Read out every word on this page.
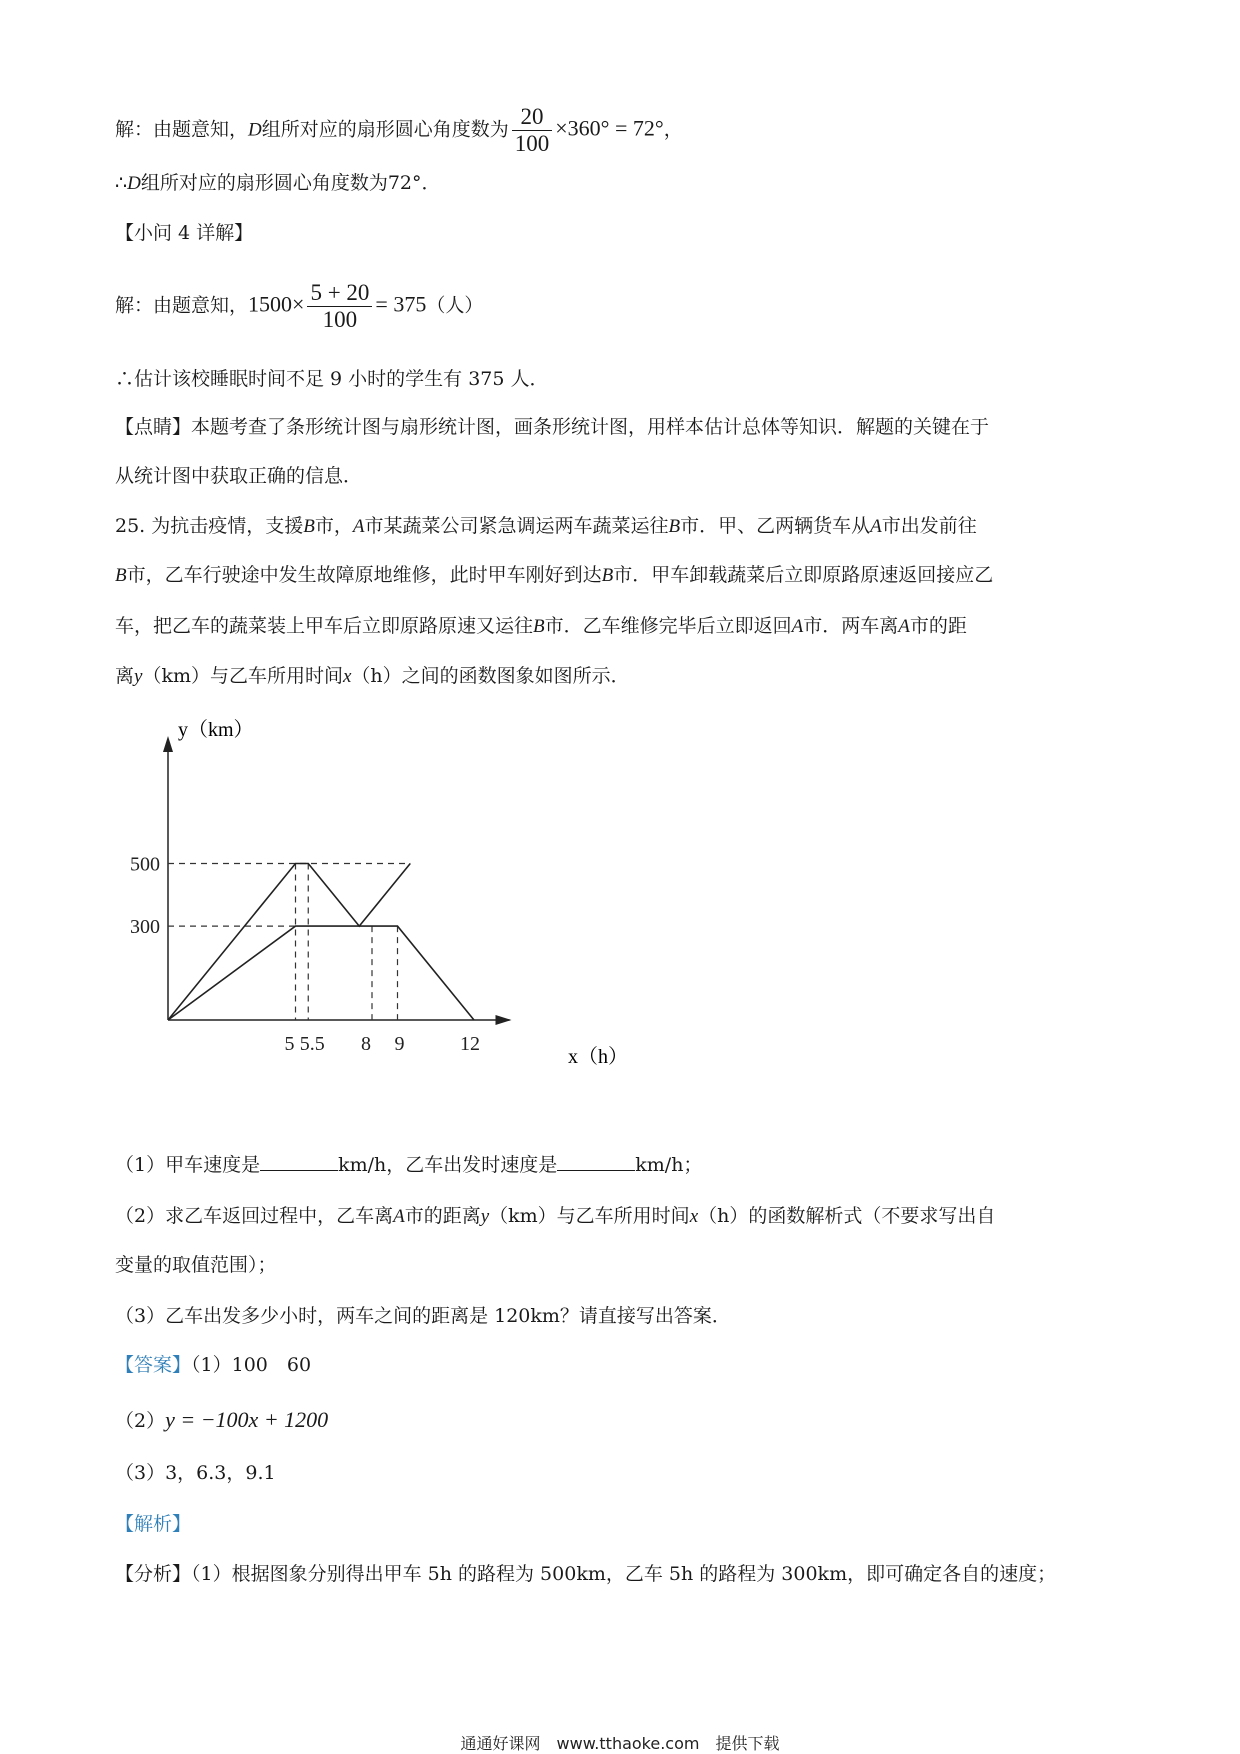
解：由题意知，D组所对应的扇形圆心角度数为 $\frac{20}{100} \times 360^\circ = 72^\circ$，
∴D组所对应的扇形圆心角度数为72°．
【小问 4 详解】
解：由题意知，$1500\times \frac{5 + 20}{100} = 375$（人）
∴估计该校睡眠时间不足 9 小时的学生有 375 人．
【点睛】本题考查了条形统计图与扇形统计图，画条形统计图，用样本估计总体等知识．解题的关键在于
从统计图中获取正确的信息．
25. 为抗击疫情，支援B市，A市某蔬菜公司紧急调运两车蔬菜运往B市．甲、乙两辆货车从A市出发前往
B市，乙车行驶途中发生故障原地维修，此时甲车刚好到达B市．甲车卸载蔬菜后立即原路原速返回接应乙
车，把乙车的蔬菜装上甲车后立即原路原速又运往B市．乙车维修完毕后立即返回A市．两车离A市的距
离y（km）与乙车所用时间x（h）之间的函数图象如图所示．
5 5.5 8 9	12
300
500
y（km）
x（h）
（1）甲车速度是	km/h，乙车出发时速度是	km/h；
（2）求乙车返回过程中，乙车离A市的距离y（km）与乙车所用时间x（h）的函数解析式（不要求写出自
变量的取值范围）；
（3）乙车出发多少小时，两车之间的距离是 120km？请直接写出答案．
【答案】（1）100　60
（2）y = −100x + 1200
（3）3，6.3，9.1
【解析】
【分析】（1）根据图象分别得出甲车 5h 的路程为 500km，乙车 5h 的路程为 300km，即可确定各自的速度；
通通好课网　www.tthaoke.com　提供下载
